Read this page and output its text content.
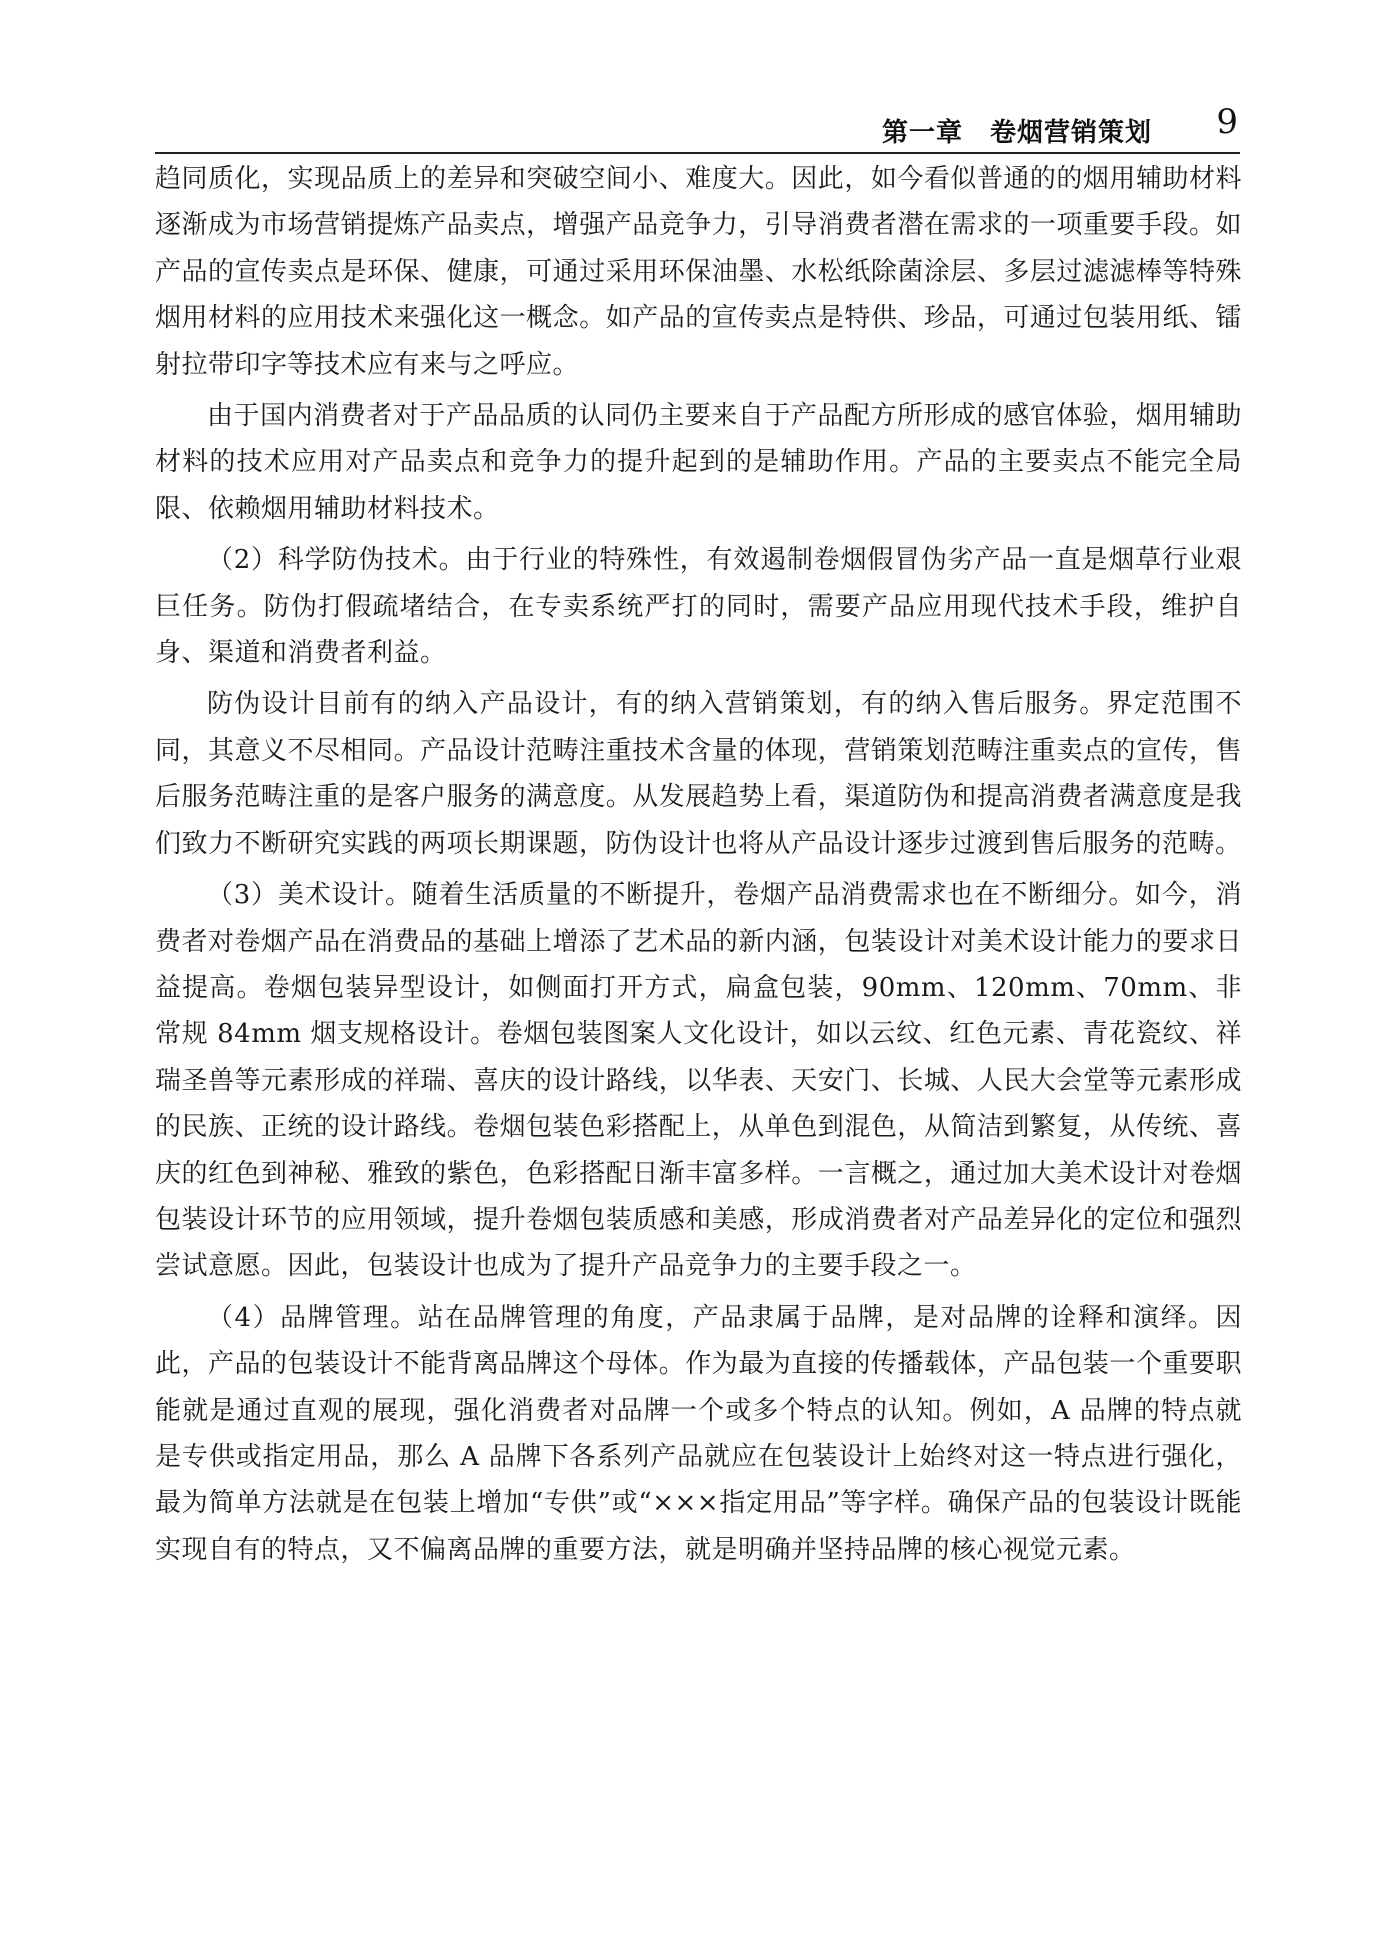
第一章　卷烟营销策划 9

趋同质化，实现品质上的差异和突破空间小、难度大。因此，如今看似普通的的烟用辅助材料逐渐成为市场营销提炼产品卖点，增强产品竞争力，引导消费者潜在需求的一项重要手段。如产品的宣传卖点是环保、健康，可通过采用环保油墨、水松纸除菌涂层、多层过滤滤棒等特殊烟用材料的应用技术来强化这一概念。如产品的宣传卖点是特供、珍品，可通过包装用纸、镭射拉带印字等技术应有来与之呼应。

由于国内消费者对于产品品质的认同仍主要来自于产品配方所形成的感官体验，烟用辅助材料的技术应用对产品卖点和竞争力的提升起到的是辅助作用。产品的主要卖点不能完全局限、依赖烟用辅助材料技术。

（2）科学防伪技术。由于行业的特殊性，有效遏制卷烟假冒伪劣产品一直是烟草行业艰巨任务。防伪打假疏堵结合，在专卖系统严打的同时，需要产品应用现代技术手段，维护自身、渠道和消费者利益。

防伪设计目前有的纳入产品设计，有的纳入营销策划，有的纳入售后服务。界定范围不同，其意义不尽相同。产品设计范畴注重技术含量的体现，营销策划范畴注重卖点的宣传，售后服务范畴注重的是客户服务的满意度。从发展趋势上看，渠道防伪和提高消费者满意度是我们致力不断研究实践的两项长期课题，防伪设计也将从产品设计逐步过渡到售后服务的范畴。

（3）美术设计。随着生活质量的不断提升，卷烟产品消费需求也在不断细分。如今，消费者对卷烟产品在消费品的基础上增添了艺术品的新内涵，包装设计对美术设计能力的要求日益提高。卷烟包装异型设计，如侧面打开方式，扁盒包装，90mm、120mm、70mm、非常规 84mm 烟支规格设计。卷烟包装图案人文化设计，如以云纹、红色元素、青花瓷纹、祥瑞圣兽等元素形成的祥瑞、喜庆的设计路线，以华表、天安门、长城、人民大会堂等元素形成的民族、正统的设计路线。卷烟包装色彩搭配上，从单色到混色，从简洁到繁复，从传统、喜庆的红色到神秘、雅致的紫色，色彩搭配日渐丰富多样。一言概之，通过加大美术设计对卷烟包装设计环节的应用领域，提升卷烟包装质感和美感，形成消费者对产品差异化的定位和强烈尝试意愿。因此，包装设计也成为了提升产品竞争力的主要手段之一。

（4）品牌管理。站在品牌管理的角度，产品隶属于品牌，是对品牌的诠释和演绎。因此，产品的包装设计不能背离品牌这个母体。作为最为直接的传播载体，产品包装一个重要职能就是通过直观的展现，强化消费者对品牌一个或多个特点的认知。例如，A 品牌的特点就是专供或指定用品，那么 A 品牌下各系列产品就应在包装设计上始终对这一特点进行强化，最为简单方法就是在包装上增加“专供”或“×××指定用品”等字样。确保产品的包装设计既能实现自有的特点，又不偏离品牌的重要方法，就是明确并坚持品牌的核心视觉元素。
